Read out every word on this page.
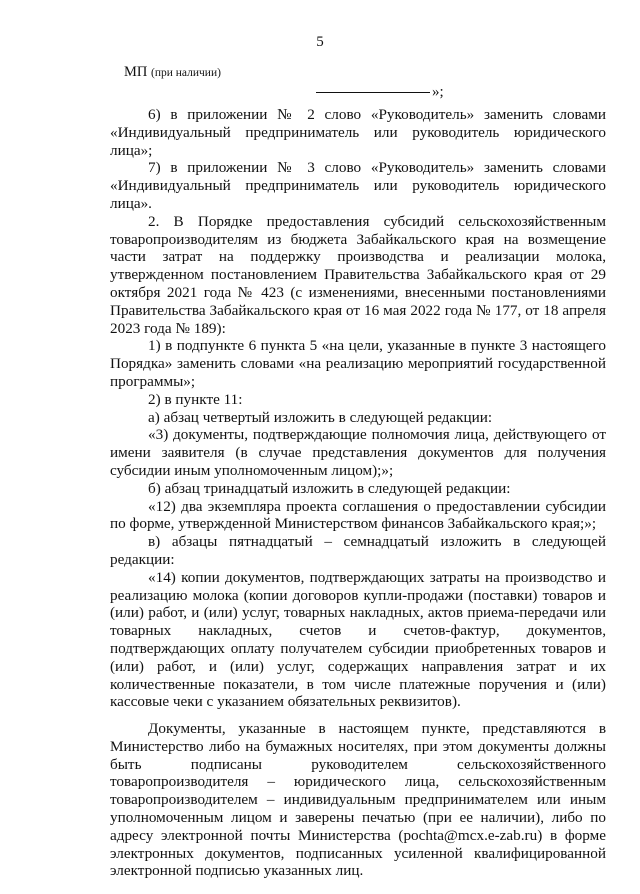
5
МП (при наличии)
»;

6) в приложении № 2 слово «Руководитель» заменить словами «Индивидуальный предприниматель или руководитель юридического лица»;

7) в приложении № 3 слово «Руководитель» заменить словами «Индивидуальный предприниматель или руководитель юридического лица».

2. В Порядке предоставления субсидий сельскохозяйственным товаропроизводителям из бюджета Забайкальского края на возмещение части затрат на поддержку производства и реализации молока, утвержденном постановлением Правительства Забайкальского края от 29 октября 2021 года № 423 (с изменениями, внесенными постановлениями Правительства Забайкальского края от 16 мая 2022 года № 177, от 18 апреля 2023 года № 189):

1) в подпункте 6 пункта 5 «на цели, указанные в пункте 3 настоящего Порядка» заменить словами «на реализацию мероприятий государственной программы»;

2) в пункте 11:

а) абзац четвертый изложить в следующей редакции:

«3) документы, подтверждающие полномочия лица, действующего от имени заявителя (в случае представления документов для получения субсидии иным уполномоченным лицом);»;

б) абзац тринадцатый изложить в следующей редакции:

«12) два экземпляра проекта соглашения о предоставлении субсидии по форме, утвержденной Министерством финансов Забайкальского края;»;

в) абзацы пятнадцатый – семнадцатый изложить в следующей редакции:

«14) копии документов, подтверждающих затраты на производство и реализацию молока (копии договоров купли-продажи (поставки) товаров и (или) работ, и (или) услуг, товарных накладных, актов приема-передачи или товарных накладных, счетов и счетов-фактур, документов, подтверждающих оплату получателем субсидии приобретенных товаров и (или) работ, и (или) услуг, содержащих направления затрат и их количественные показатели, в том числе платежные поручения и (или) кассовые чеки с указанием обязательных реквизитов).

Документы, указанные в настоящем пункте, представляются в Министерство либо на бумажных носителях, при этом документы должны быть подписаны руководителем сельскохозяйственного товаропроизводителя – юридического лица, сельскохозяйственным товаропроизводителем – индивидуальным предпринимателем или иным уполномоченным лицом и заверены печатью (при ее наличии), либо по адресу электронной почты Министерства (pochta@mcx.e-zab.ru) в форме электронных документов, подписанных усиленной квалифицированной электронной подписью указанных лиц.
